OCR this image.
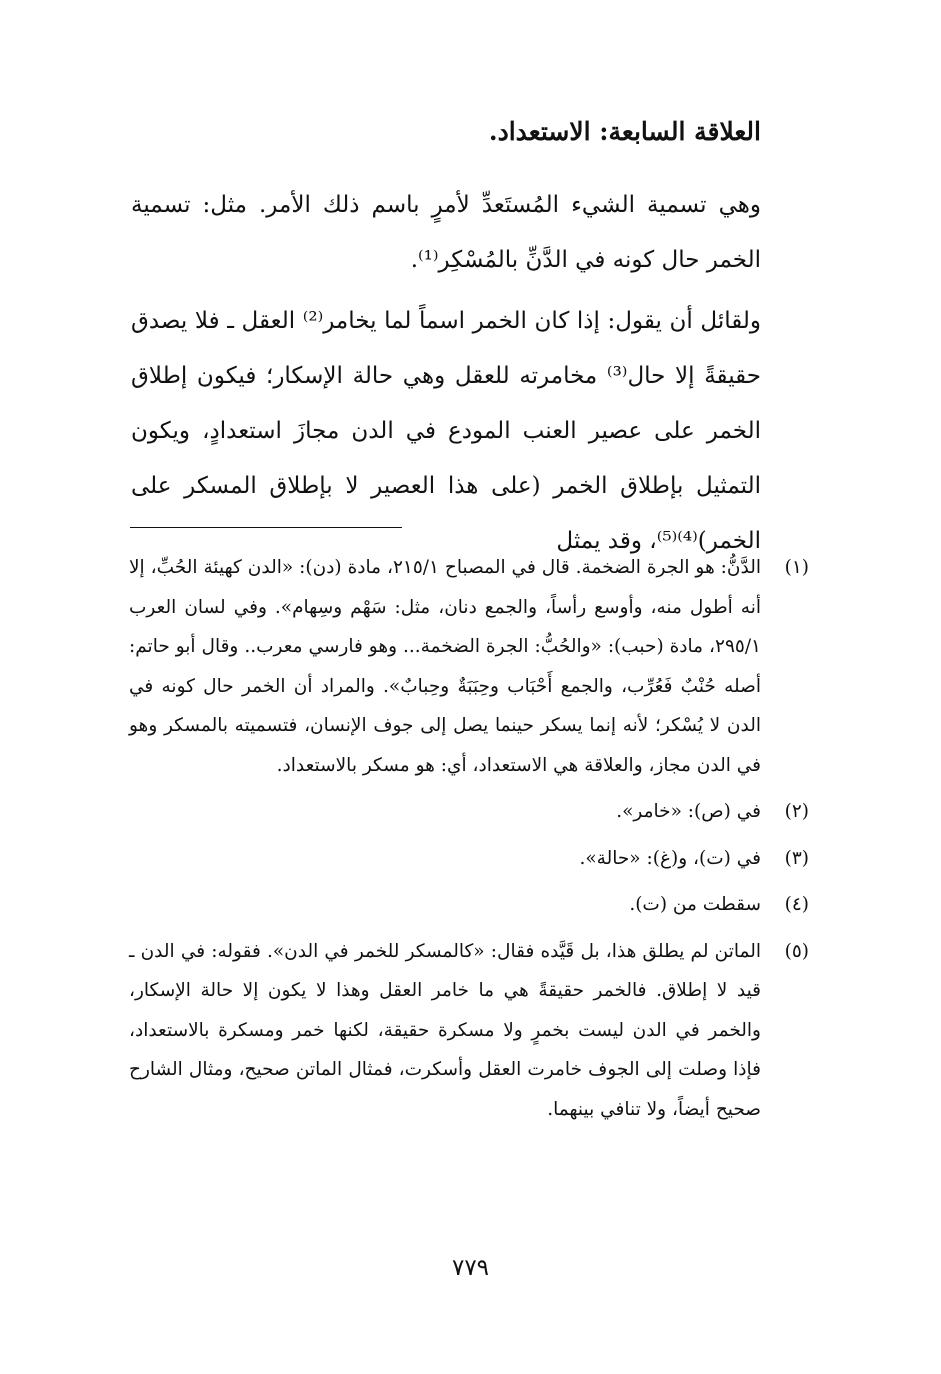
العلاقة السابعة: الاستعداد.

وهي تسمية الشيء المُستَعدِّ لأمرٍ باسم ذلك الأمر. مثل: تسمية الخمر حال كونه في الدَّنِّ بالمُسْكِر⁽¹⁾.

ولقائل أن يقول: إذا كان الخمر اسماً لما يخامر⁽²⁾ العقل ـ فلا يصدق حقيقةً إلا حال⁽³⁾ مخامرته للعقل وهي حالة الإسكار؛ فيكون إطلاق الخمر على عصير العنب المودع في الدن مجازَ استعدادٍ، ويكون التمثيل بإطلاق الخمر (على هذا العصير لا بإطلاق المسكر على الخمر)⁽⁴⁾⁽⁵⁾، وقد يمثل

(١)
الدَّنُّ: هو الجرة الضخمة. قال في المصباح ٢١٥/١، مادة (دن): «الدن كهيئة الحُبِّ، إلا أنه أطول منه، وأوسع رأساً، والجمع دنان، مثل: سَهْم وسِهام». وفي لسان العرب ٢٩٥/١، مادة (حبب): «والحُبُّ: الجرة الضخمة... وهو فارسي معرب.. وقال أبو حاتم: أصله حُنْبٌ فَعُرِّب، والجمع أَحْبَاب وحِبَبَةٌ وحِبابٌ». والمراد أن الخمر حال كونه في الدن لا يُسْكر؛ لأنه إنما يسكر حينما يصل إلى جوف الإنسان، فتسميته بالمسكر وهو في الدن مجاز، والعلاقة هي الاستعداد، أي: هو مسكر بالاستعداد.
(٢)
في (ص): «خامر».
(٣)
في (ت)، و(غ): «حالة».
(٤)
سقطت من (ت).
(٥)
الماتن لم يطلق هذا، بل قَيَّده فقال: «كالمسكر للخمر في الدن». فقوله: في الدن ـ قيد لا إطلاق. فالخمر حقيقةً هي ما خامر العقل وهذا لا يكون إلا حالة الإسكار، والخمر في الدن ليست بخمرٍ ولا مسكرة حقيقة، لكنها خمر ومسكرة بالاستعداد، فإذا وصلت إلى الجوف خامرت العقل وأسكرت، فمثال الماتن صحيح، ومثال الشارح صحيح أيضاً، ولا تنافي بينهما.
٧٧٩
